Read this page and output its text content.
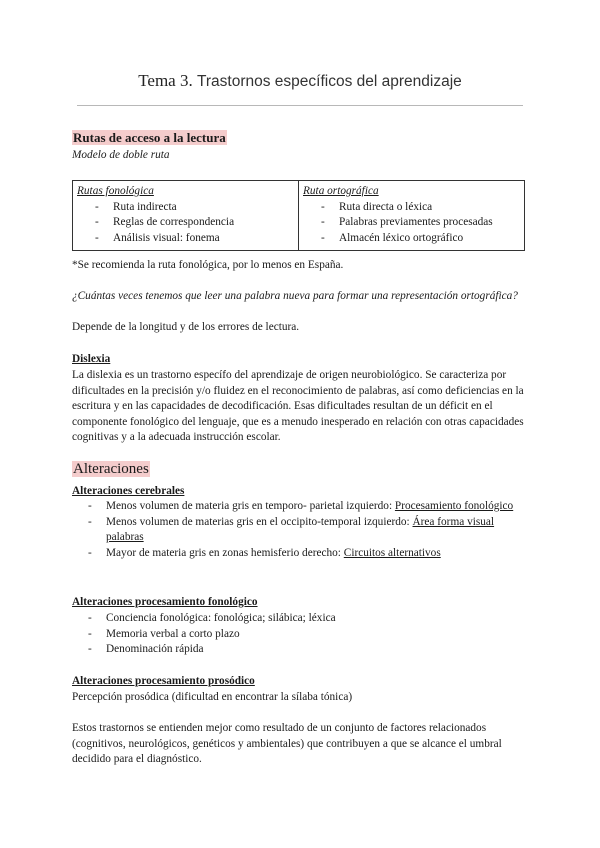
Tema 3. Trastornos específicos del aprendizaje
Rutas de acceso a la lectura
Modelo de doble ruta
Rutas fonológica
- Ruta indirecta
- Reglas de correspondencia
- Análisis visual: fonema

Ruta ortográfica
- Ruta directa o léxica
- Palabras previamentes procesadas
- Almacén léxico ortográfico
*Se recomienda la ruta fonológica, por lo menos en España.
¿Cuántas veces tenemos que leer una palabra nueva para formar una representación ortográfica?
Depende de la longitud y de los errores de lectura.
Dislexia
La dislexia es un trastorno específo del aprendizaje de origen neurobiológico. Se caracteriza por dificultades en la precisión y/o fluidez en el reconocimiento de palabras, así como deficiencias en la escritura y en las capacidades de decodificación. Esas dificultades resultan de un déficit en el componente fonológico del lenguaje, que es a menudo inesperado en relación con otras capacidades cognitivas y a la adecuada instrucción escolar.
Alteraciones
Alteraciones cerebrales
- Menos volumen de materia gris en temporo- parietal izquierdo: Procesamiento fonológico
- Menos volumen de materias gris en el occipito-temporal izquierdo: Área forma visual palabras
- Mayor de materia gris en zonas hemisferio derecho: Circuitos alternativos
Alteraciones procesamiento fonológico
- Conciencia fonológica: fonológica; silábica; léxica
- Memoria verbal a corto plazo
- Denominación rápida
Alteraciones procesamiento prosódico
Percepción prosódica (dificultad en encontrar la sílaba tónica)
Estos trastornos se entienden mejor como resultado de un conjunto de factores relacionados (cognitivos, neurológicos, genéticos y ambientales) que contribuyen a que se alcance el umbral decidido para el diagnóstico.
